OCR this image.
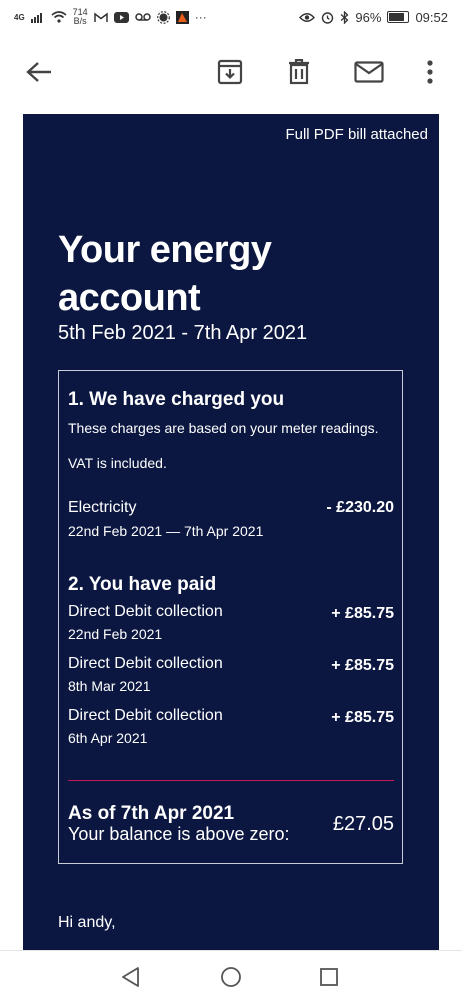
4G	714
B/s	···	96%	09:52
Full PDF bill attached
Your energy account
5th Feb 2021 - 7th Apr 2021
1. We have charged you
These charges are based on your meter readings.
VAT is included.
Electricity
22nd Feb 2021 — 7th Apr 2021
- £230.20
2. You have paid
Direct Debit collection
22nd Feb 2021
+ £85.75
Direct Debit collection
8th Mar 2021
+ £85.75
Direct Debit collection
6th Apr 2021
+ £85.75
As of 7th Apr 2021
Your balance is above zero: £27.05
Hi andy,
